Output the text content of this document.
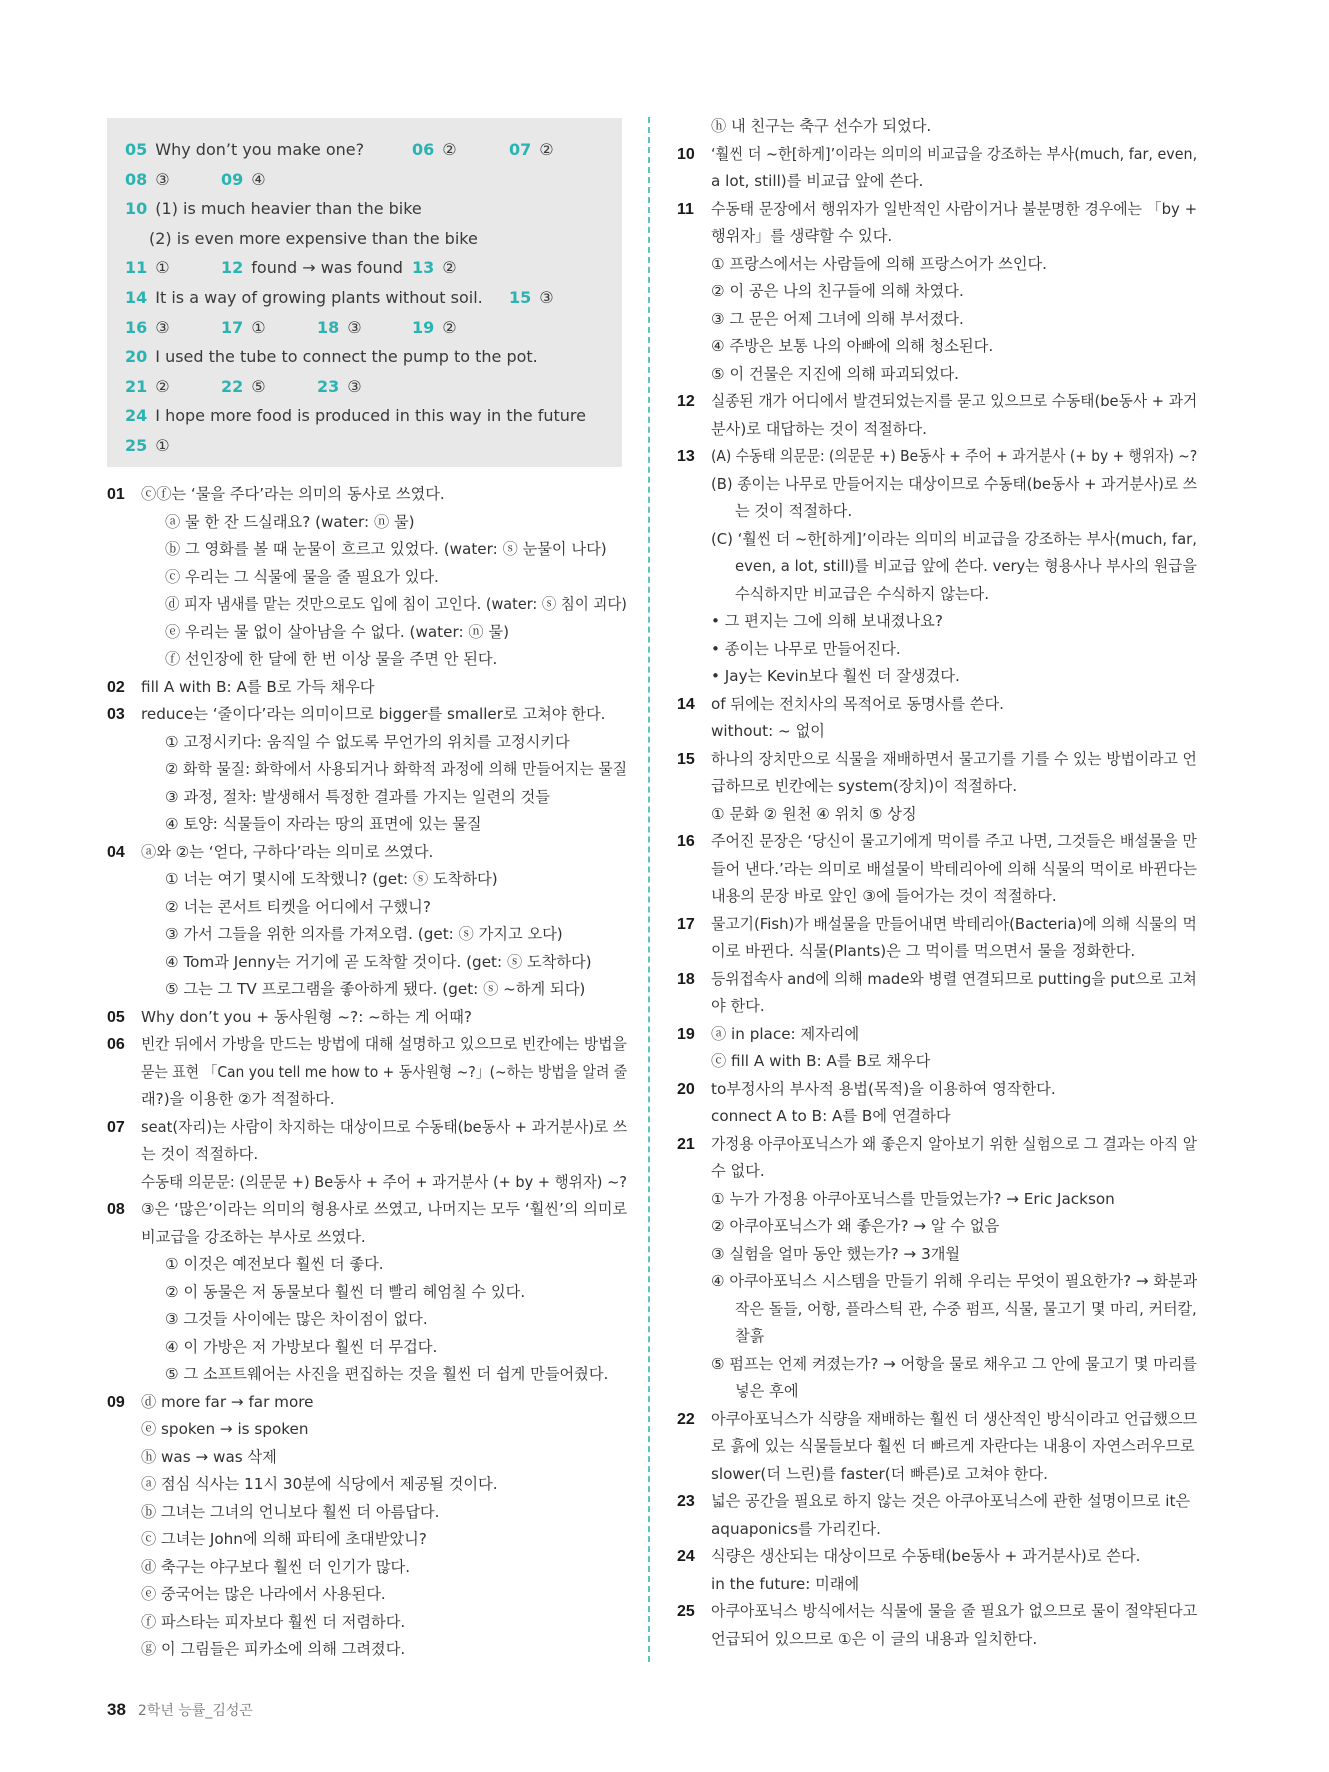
05 Why don’t you make one?	06 ②	07 ②
08 ③	09 ④
10 (1) is much heavier than the bike
(2) is even more expensive than the bike
11 ①	12 found → was found 13 ②
14 It is a way of growing plants without soil. 15 ③
16 ③	17 ①	18 ③	19 ②
20 I used the tube to connect the pump to the pot.
21 ②	22 ⑤	23 ③
24 I hope more food is produced in this way in the future
25 ①
01 ⓒⓕ는 ‘물을 주다’라는 의미의 동사로 쓰였다.
ⓐ 물 한 잔 드실래요? (water: ⓝ 물)
ⓑ 그 영화를 볼 때 눈물이 흐르고 있었다. (water: ⓢ 눈물이 나다)
ⓒ 우리는 그 식물에 물을 줄 필요가 있다.
ⓓ 피자 냄새를 맡는 것만으로도 입에 침이 고인다. (water: ⓢ 침이 괴다)
ⓔ 우리는 물 없이 살아남을 수 없다. (water: ⓝ 물)
ⓕ 선인장에 한 달에 한 번 이상 물을 주면 안 된다.
02 fill A with B: A를 B로 가득 채우다
03 reduce는 ‘줄이다’라는 의미이므로 bigger를 smaller로 고쳐야 한다.
① 고정시키다: 움직일 수 없도록 무언가의 위치를 고정시키다
② 화학 물질: 화학에서 사용되거나 화학적 과정에 의해 만들어지는 물질
③ 과정, 절차: 발생해서 특정한 결과를 가지는 일련의 것들
④ 토양: 식물들이 자라는 땅의 표면에 있는 물질
04 ⓐ와 ②는 ‘얻다, 구하다’라는 의미로 쓰였다.
① 너는 여기 몇시에 도착했니? (get: ⓢ 도착하다)
② 너는 콘서트 티켓을 어디에서 구했니?
③ 가서 그들을 위한 의자를 가져오렴. (get: ⓢ 가지고 오다)
④ Tom과 Jenny는 거기에 곧 도착할 것이다. (get: ⓢ 도착하다)
⑤ 그는 그 TV 프로그램을 좋아하게 됐다. (get: ⓢ ~하게 되다)
05 Why don’t you + 동사원형 ~?: ~하는 게 어때?
06 빈칸 뒤에서 가방을 만드는 방법에 대해 설명하고 있으므로 빈칸에는 방법을
묻는 표현 「Can you tell me how to + 동사원형 ~?」(~하는 방법을 알려 줄
래?)을 이용한 ②가 적절하다.
07 seat(자리)는 사람이 차지하는 대상이므로 수동태(be동사 + 과거분사)로 쓰
는 것이 적절하다.
수동태 의문문: (의문문 +) Be동사 + 주어 + 과거분사 (+ by + 행위자) ~?
08 ③은 ‘많은’이라는 의미의 형용사로 쓰였고, 나머지는 모두 ‘훨씬’의 의미로
비교급을 강조하는 부사로 쓰였다.
① 이것은 예전보다 훨씬 더 좋다.
② 이 동물은 저 동물보다 훨씬 더 빨리 헤엄칠 수 있다.
③ 그것들 사이에는 많은 차이점이 없다.
④ 이 가방은 저 가방보다 훨씬 더 무겁다.
⑤ 그 소프트웨어는 사진을 편집하는 것을 훨씬 더 쉽게 만들어줬다.
09 ⓓ more far → far more
ⓔ spoken → is spoken
ⓗ was → was 삭제
ⓐ 점심 식사는 11시 30분에 식당에서 제공될 것이다.
ⓑ 그녀는 그녀의 언니보다 훨씬 더 아름답다.
ⓒ 그녀는 John에 의해 파티에 초대받았니?
ⓓ 축구는 야구보다 훨씬 더 인기가 많다.
ⓔ 중국어는 많은 나라에서 사용된다.
ⓕ 파스타는 피자보다 훨씬 더 저렴하다.
ⓖ 이 그림들은 피카소에 의해 그려졌다.
ⓗ 내 친구는 축구 선수가 되었다.
10 ‘훨씬 더 ~한[하게]’이라는 의미의 비교급을 강조하는 부사(much, far, even,
a lot, still)를 비교급 앞에 쓴다.
11 수동태 문장에서 행위자가 일반적인 사람이거나 불분명한 경우에는 「by +
행위자」를 생략할 수 있다.
① 프랑스에서는 사람들에 의해 프랑스어가 쓰인다.
② 이 공은 나의 친구들에 의해 차였다.
③ 그 문은 어제 그녀에 의해 부서졌다.
④ 주방은 보통 나의 아빠에 의해 청소된다.
⑤ 이 건물은 지진에 의해 파괴되었다.
12 실종된 개가 어디에서 발견되었는지를 묻고 있으므로 수동태(be동사 + 과거
분사)로 대답하는 것이 적절하다.
13 (A) 수동태 의문문: (의문문 +) Be동사 + 주어 + 과거분사 (+ by + 행위자) ~?
(B) 종이는 나무로 만들어지는 대상이므로 수동태(be동사 + 과거분사)로 쓰
는 것이 적절하다.
(C) ‘훨씬 더 ~한[하게]’이라는 의미의 비교급을 강조하는 부사(much, far,
even, a lot, still)를 비교급 앞에 쓴다. very는 형용사나 부사의 원급을
수식하지만 비교급은 수식하지 않는다.
• 그 편지는 그에 의해 보내졌나요?
• 종이는 나무로 만들어진다.
• Jay는 Kevin보다 훨씬 더 잘생겼다.
14 of 뒤에는 전치사의 목적어로 동명사를 쓴다.
without: ~ 없이
15 하나의 장치만으로 식물을 재배하면서 물고기를 기를 수 있는 방법이라고 언
급하므로 빈칸에는 system(장치)이 적절하다.
① 문화 ② 원천 ④ 위치 ⑤ 상징
16 주어진 문장은 ‘당신이 물고기에게 먹이를 주고 나면, 그것들은 배설물을 만
들어 낸다.’라는 의미로 배설물이 박테리아에 의해 식물의 먹이로 바뀐다는
내용의 문장 바로 앞인 ③에 들어가는 것이 적절하다.
17 물고기(Fish)가 배설물을 만들어내면 박테리아(Bacteria)에 의해 식물의 먹
이로 바뀐다. 식물(Plants)은 그 먹이를 먹으면서 물을 정화한다.
18 등위접속사 and에 의해 made와 병렬 연결되므로 putting을 put으로 고쳐
야 한다.
19 ⓐ in place: 제자리에
ⓒ fill A with B: A를 B로 채우다
20 to부정사의 부사적 용법(목적)을 이용하여 영작한다.
connect A to B: A를 B에 연결하다
21 가정용 아쿠아포닉스가 왜 좋은지 알아보기 위한 실험으로 그 결과는 아직 알
수 없다.
① 누가 가정용 아쿠아포닉스를 만들었는가? → Eric Jackson
② 아쿠아포닉스가 왜 좋은가? → 알 수 없음
③ 실험을 얼마 동안 했는가? → 3개월
④ 아쿠아포닉스 시스템을 만들기 위해 우리는 무엇이 필요한가? → 화분과
작은 돌들, 어항, 플라스틱 관, 수중 펌프, 식물, 물고기 몇 마리, 커터칼,
찰흙
⑤ 펌프는 언제 켜졌는가? → 어항을 물로 채우고 그 안에 물고기 몇 마리를
넣은 후에
22 아쿠아포닉스가 식량을 재배하는 훨씬 더 생산적인 방식이라고 언급했으므
로 흙에 있는 식물들보다 훨씬 더 빠르게 자란다는 내용이 자연스러우므로
slower(더 느린)를 faster(더 빠른)로 고쳐야 한다.
23 넓은 공간을 필요로 하지 않는 것은 아쿠아포닉스에 관한 설명이므로 it은
aquaponics를 가리킨다.
24 식량은 생산되는 대상이므로 수동태(be동사 + 과거분사)로 쓴다.
in the future: 미래에
25 아쿠아포닉스 방식에서는 식물에 물을 줄 필요가 없으므로 물이 절약된다고
언급되어 있으므로 ①은 이 글의 내용과 일치한다.
38 2학년 능률_김성곤
